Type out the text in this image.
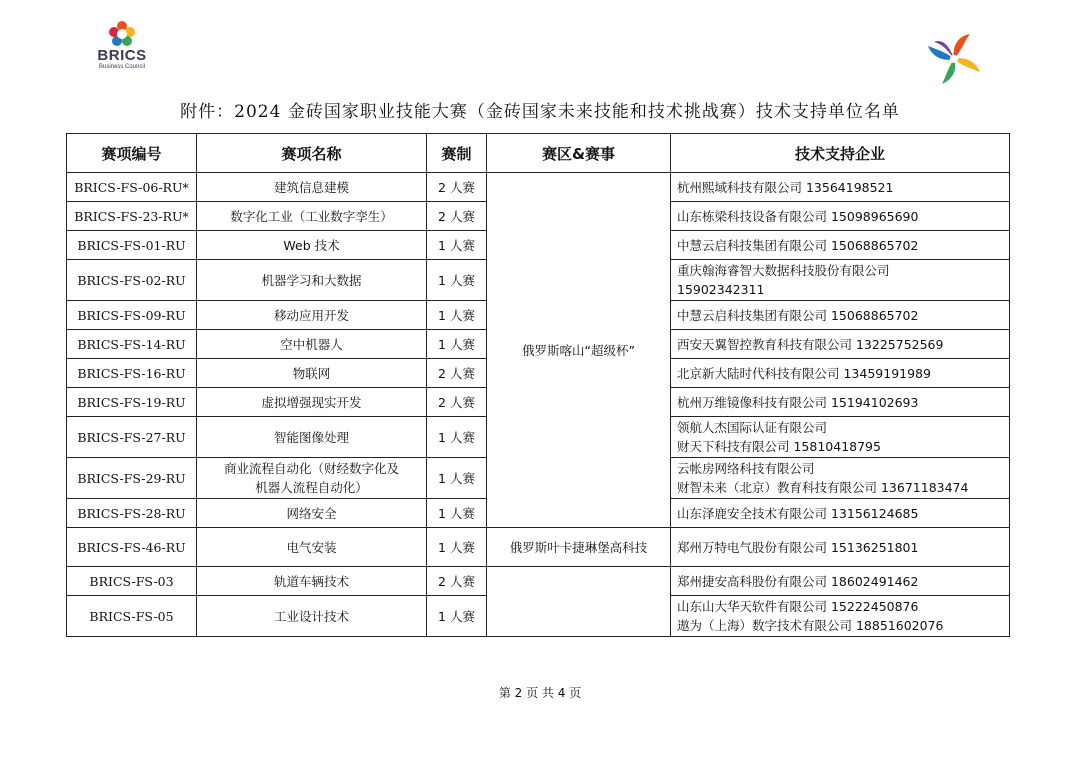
BRICS
Business Council
附件：2024 金砖国家职业技能大赛（金砖国家未来技能和技术挑战赛）技术支持单位名单
赛项编号	赛项名称	赛制	赛区&赛事	技术支持企业
BRICS-FS-06-RU*	建筑信息建模	2 人赛	俄罗斯喀山“超级杯”	杭州熙域科技有限公司 13564198521

BRICS-FS-23-RU*	数字化工业（工业数字孪生）	2 人赛		山东栋梁科技设备有限公司 15098965690

BRICS-FS-01-RU	Web 技术	1 人赛		中慧云启科技集团有限公司 15068865702

BRICS-FS-02-RU	机器学习和大数据	1 人赛		重庆翰海睿智大数据科技股份有限公司
15902342311

BRICS-FS-09-RU	移动应用开发	1 人赛		中慧云启科技集团有限公司 15068865702

BRICS-FS-14-RU	空中机器人	1 人赛		西安天翼智控教育科技有限公司 13225752569

BRICS-FS-16-RU	物联网	2 人赛		北京新大陆时代科技有限公司 13459191989

BRICS-FS-19-RU	虚拟增强现实开发	2 人赛		杭州万维镜像科技有限公司 15194102693

BRICS-FS-27-RU	智能图像处理	1 人赛		领航人杰国际认证有限公司
财天下科技有限公司 15810418795

BRICS-FS-29-RU	商业流程自动化（财经数字化及
机器人流程自动化）	1 人赛		云帐房网络科技有限公司
财智未来（北京）教育科技有限公司 13671183474

BRICS-FS-28-RU	网络安全	1 人赛		山东泽鹿安全技术有限公司 13156124685

BRICS-FS-46-RU	电气安装	1 人赛	俄罗斯叶卡捷琳堡高科技	郑州万特电气股份有限公司 15136251801

BRICS-FS-03	轨道车辆技术	2 人赛		郑州捷安高科股份有限公司 18602491462

BRICS-FS-05	工业设计技术	1 人赛		山东山大华天软件有限公司 15222450876
遨为（上海）数字技术有限公司 18851602076
第 2 页 共 4 页
